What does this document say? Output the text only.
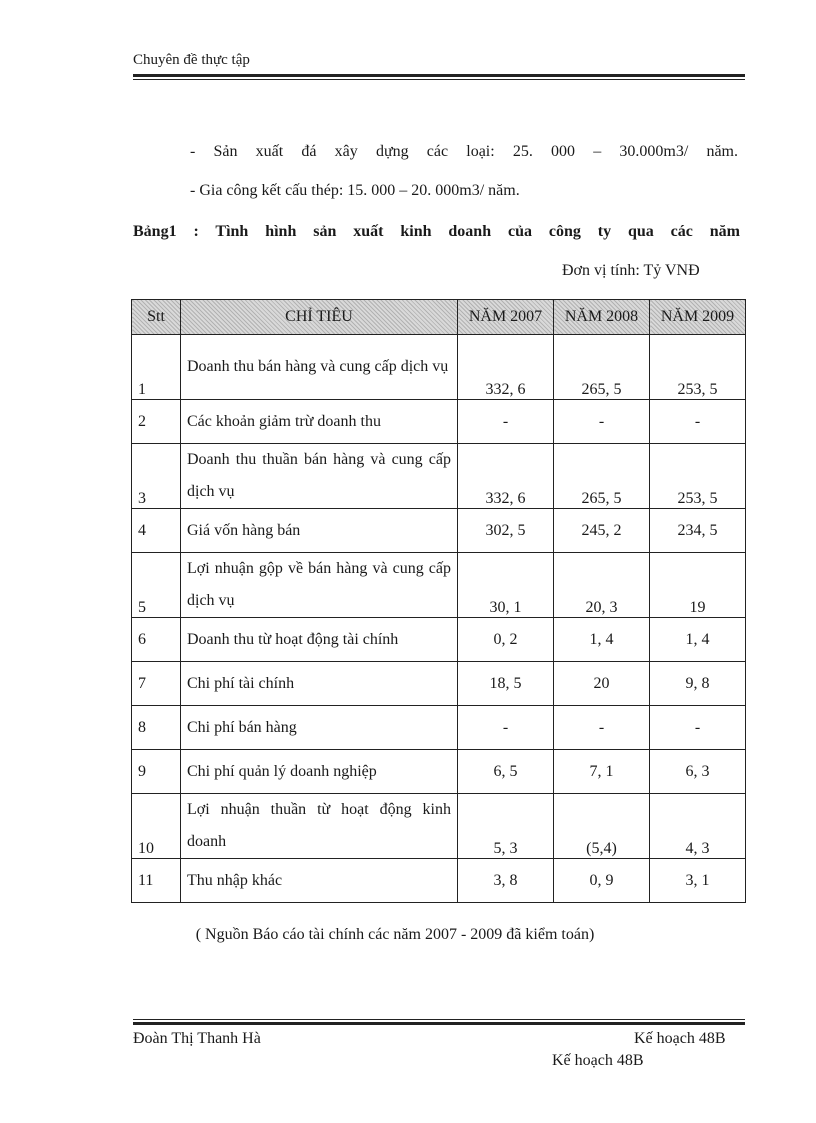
Chuyên đề thực tập
- Sản xuất đá xây dựng các loại: 25. 000 – 30.000m3/ năm.
- Gia công kết cấu thép: 15. 000 – 20. 000m3/ năm.
Bảng1 : Tình hình sản xuất kinh doanh của công ty qua các năm
Đơn vị tính: Tỷ VNĐ
Stt	CHỈ TIÊU	NĂM 2007	NĂM 2008	NĂM 2009
1	Doanh thu bán hàng và cung cấp dịch vụ	332, 6	265, 5	253, 5
2	Các khoản giảm trừ doanh thu	-	-	-
3	Doanh thu thuần bán hàng và cung cấp dịch vụ	332, 6	265, 5	253, 5
4	Giá vốn hàng bán	302, 5	245, 2	234, 5
5	Lợi nhuận gộp về bán hàng và cung cấp dịch vụ	30, 1	20, 3	19
6	Doanh thu từ hoạt động tài chính	0, 2	1, 4	1, 4
7	Chi phí tài chính	18, 5	20	9, 8
8	Chi phí bán hàng	-	-	-
9	Chi phí quản lý doanh nghiệp	6, 5	7, 1	6, 3
10	Lợi nhuận thuần từ hoạt động kinh doanh	5, 3	(5,4)	4, 3
11	Thu nhập khác	3, 8	0, 9	3, 1
( Nguồn Báo cáo tài chính các năm 2007 - 2009 đã kiểm toán)
Đoàn Thị Thanh Hà	Kế hoạch 48B
Kế hoạch 48B
